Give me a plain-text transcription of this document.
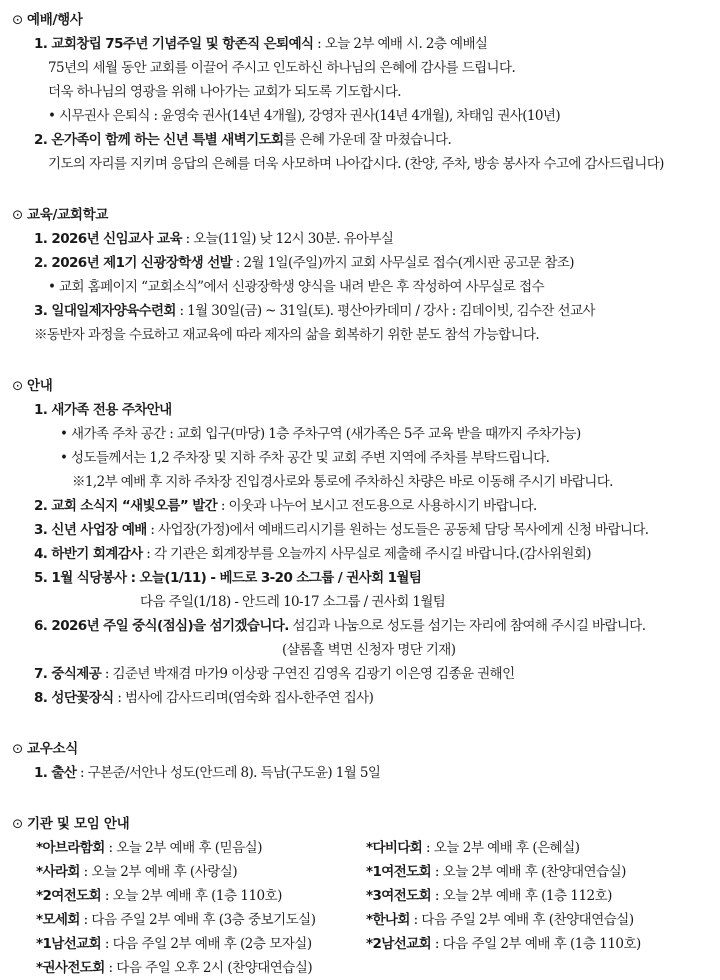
⊙ 예배/행사
1. 교회창립 75주년 기념주일 및 항존직 은퇴예식 : 오늘 2부 예배 시. 2층 예배실
75년의 세월 동안 교회를 이끌어 주시고 인도하신 하나님의 은혜에 감사를 드립니다.
더욱 하나님의 영광을 위해 나아가는 교회가 되도록 기도합시다.
• 시무권사 은퇴식 : 윤영숙 권사(14년 4개월), 강영자 권사(14년 4개월), 차태임 권사(10년)
2. 온가족이 함께 하는 신년 특별 새벽기도회를 은혜 가운데 잘 마쳤습니다.
기도의 자리를 지키며 응답의 은혜를 더욱 사모하며 나아갑시다. (찬양, 주차, 방송 봉사자 수고에 감사드립니다)
⊙ 교육/교회학교
1. 2026년 신임교사 교육 : 오늘(11일) 낮 12시 30분. 유아부실
2. 2026년 제1기 신광장학생 선발 : 2월 1일(주일)까지 교회 사무실로 접수(게시판 공고문 참조)
• 교회 홈페이지 “교회소식”에서 신광장학생 양식을 내려 받은 후 작성하여 사무실로 접수
3. 일대일제자양육수련회 : 1월 30일(금) ~ 31일(토). 평산아카데미 / 강사 : 김데이빗, 김수잔 선교사
※동반자 과정을 수료하고 재교육에 따라 제자의 삶을 회복하기 위한 분도 참석 가능합니다.
⊙ 안내
1. 새가족 전용 주차안내
• 새가족 주차 공간 : 교회 입구(마당) 1층 주차구역 (새가족은 5주 교육 받을 때까지 주차가능)
• 성도들께서는 1,2 주차장 및 지하 주차 공간 및 교회 주변 지역에 주차를 부탁드립니다.
※1,2부 예배 후 지하 주차장 진입경사로와 통로에 주차하신 차량은 바로 이동해 주시기 바랍니다.
2. 교회 소식지 “새빛오름” 발간 : 이웃과 나누어 보시고 전도용으로 사용하시기 바랍니다.
3. 신년 사업장 예배 : 사업장(가정)에서 예배드리시기를 원하는 성도들은 공동체 담당 목사에게 신청 바랍니다.
4. 하반기 회계감사 : 각 기관은 회계장부를 오늘까지 사무실로 제출해 주시길 바랍니다.(감사위원회)
5. 1월 식당봉사 : 오늘(1/11) - 베드로 3-20 소그룹 / 권사회 1월팀
다음 주일(1/18) - 안드레 10-17 소그룹 / 권사회 1월팀
6. 2026년 주일 중식(점심)을 섬기겠습니다. 섬김과 나눔으로 성도를 섬기는 자리에 참여해 주시길 바랍니다.
(샬롬홀 벽면 신청자 명단 기재)
7. 중식제공 : 김준년 박재겸 마가9 이상광 구연진 김영옥 김광기 이은영 김종윤 권해인
8. 성단꽃장식 : 범사에 감사드리며(염숙화 집사-한주연 집사)
⊙ 교우소식
1. 출산 : 구본준/서안나 성도(안드레 8). 득남(구도윤) 1월 5일
⊙ 기관 및 모임 안내
*아브라함회 : 오늘 2부 예배 후 (믿음실)	*다비다회 : 오늘 2부 예배 후 (은혜실)
*사라회 : 오늘 2부 예배 후 (사랑실)	*1여전도회 : 오늘 2부 예배 후 (찬양대연습실)
*2여전도회 : 오늘 2부 예배 후 (1층 110호)	*3여전도회 : 오늘 2부 예배 후 (1층 112호)
*모세회 : 다음 주일 2부 예배 후 (3층 중보기도실)	*한나회 : 다음 주일 2부 예배 후 (찬양대연습실)
*1남선교회 : 다음 주일 2부 예배 후 (2층 모자실)	*2남선교회 : 다음 주일 2부 예배 후 (1층 110호)
*권사전도회 : 다음 주일 오후 2시 (찬양대연습실)
